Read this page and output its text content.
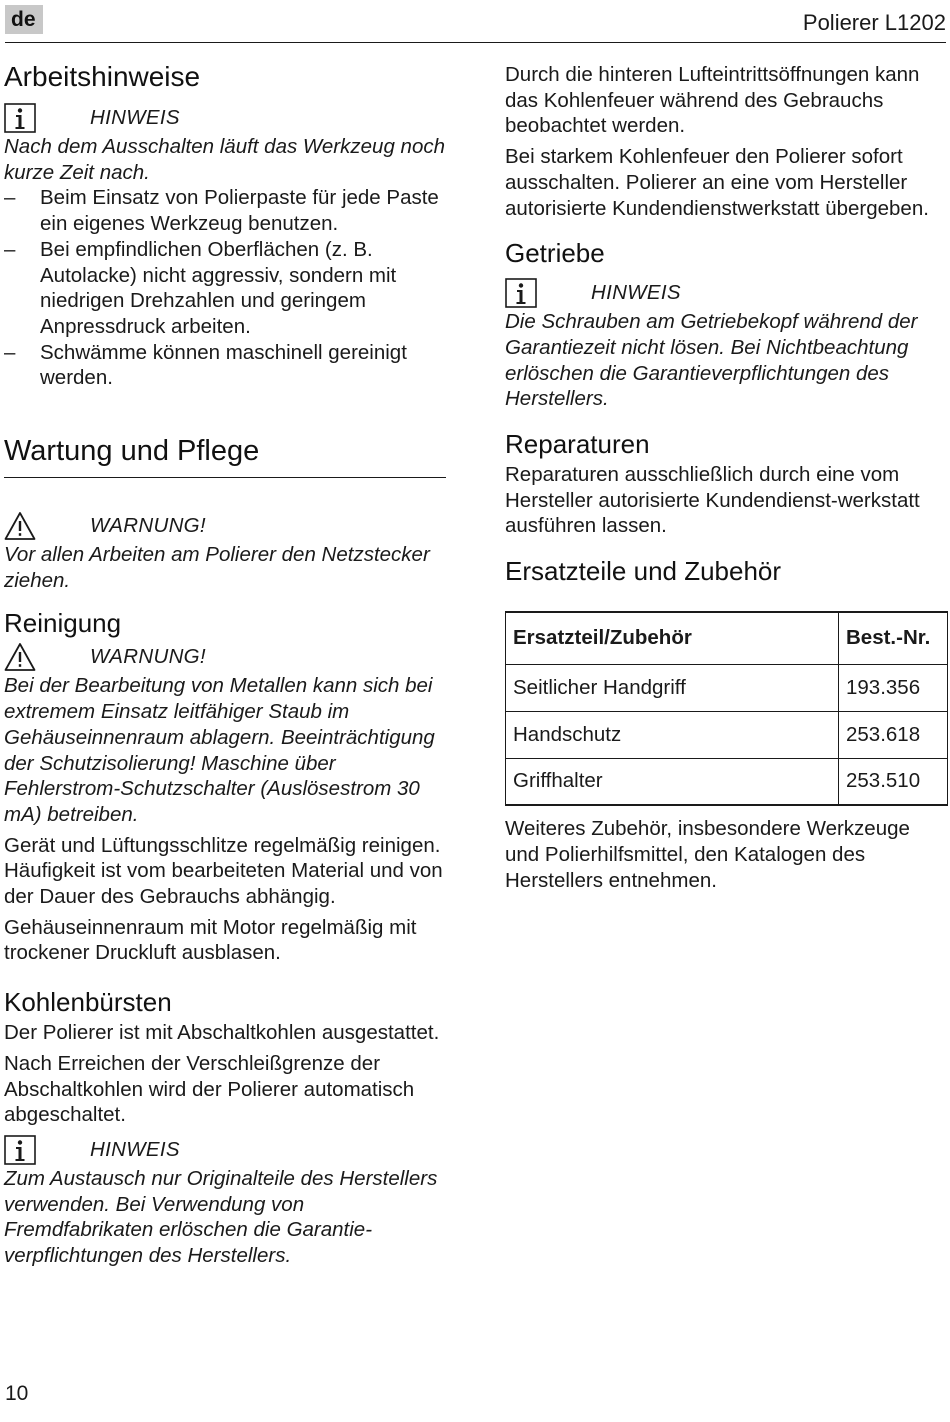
de	Polierer L1202
Arbeitshinweise
HINWEIS

Nach dem Ausschalten läuft das Werkzeug noch kurze Zeit nach.

– Beim Einsatz von Polierpaste für jede Paste ein eigenes Werkzeug benutzen.
– Bei empfindlichen Oberflächen (z. B. Autolacke) nicht aggressiv, sondern mit niedrigen Drehzahlen und geringem Anpressdruck arbeiten.
– Schwämme können maschinell gereinigt werden.
Wartung und Pflege
WARNUNG!

Vor allen Arbeiten am Polierer den Netzstecker ziehen.

Reinigung
WARNUNG!

Bei der Bearbeitung von Metallen kann sich bei extremem Einsatz leitfähiger Staub im Gehäuseinnenraum ablagern. Beeinträchtigung der Schutzisolierung! Maschine über Fehlerstrom-Schutzschalter (Auslösestrom 30 mA) betreiben.

Gerät und Lüftungsschlitze regelmäßig reinigen. Häufigkeit ist vom bearbeiteten Material und von der Dauer des Gebrauchs abhängig.

Gehäuseinnenraum mit Motor regelmäßig mit trockener Druckluft ausblasen.

Kohlenbürsten

Der Polierer ist mit Abschaltkohlen ausgestattet.

Nach Erreichen der Verschleißgrenze der Abschaltkohlen wird der Polierer automatisch abgeschaltet.

HINWEIS

Zum Austausch nur Originalteile des Herstellers verwenden. Bei Verwendung von Fremdfabrikaten erlöschen die Garantie-verpflichtungen des Herstellers.

Durch die hinteren Lufteintrittsöffnungen kann das Kohlenfeuer während des Gebrauchs beobachtet werden.

Bei starkem Kohlenfeuer den Polierer sofort ausschalten. Polierer an eine vom Hersteller autorisierte Kundendienstwerkstatt übergeben.

Getriebe
HINWEIS

Die Schrauben am Getriebekopf während der Garantiezeit nicht lösen. Bei Nichtbeachtung erlöschen die Garantieverpflichtungen des Herstellers.

Reparaturen

Reparaturen ausschließlich durch eine vom Hersteller autorisierte Kundendienst-werkstatt ausführen lassen.

Ersatzteile und Zubehör
Ersatzteil/Zubehör	Best.-Nr.
Seitlicher Handgriff	193.356
Handschutz	253.618
Griffhalter	253.510

Weiteres Zubehör, insbesondere Werkzeuge und Polierhilfsmittel, den Katalogen des Herstellers entnehmen.

10
